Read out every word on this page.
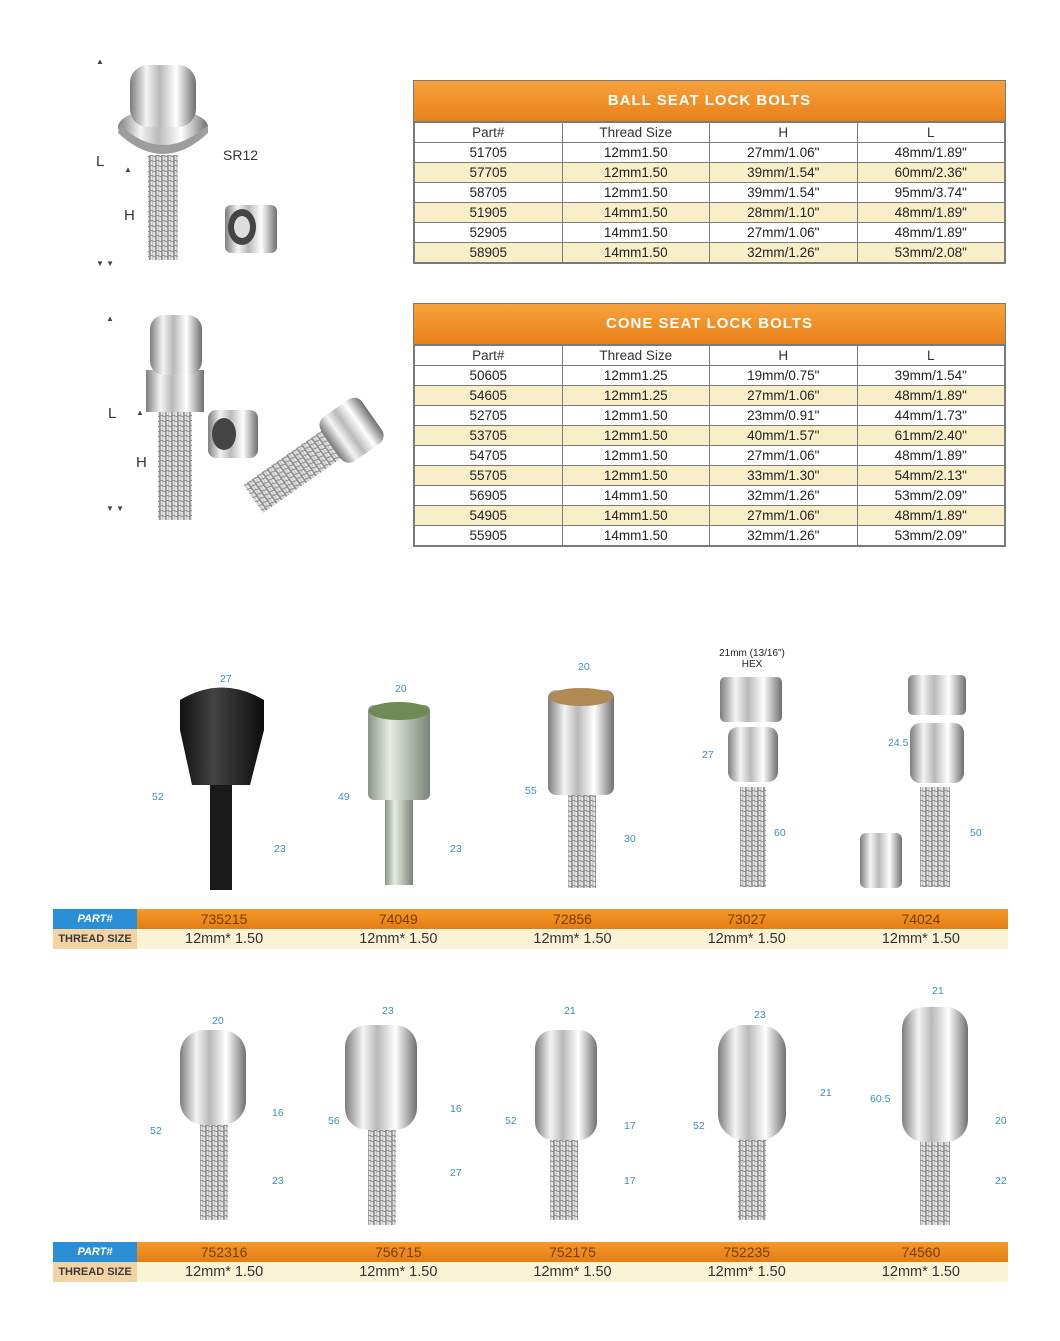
▲
▲
▼ ▼
L
H
SR12
BALL SEAT LOCK BOLTS
Part#	Thread Size	H	L
51705	12mm1.50	27mm/1.06"	48mm/1.89"
57705	12mm1.50	39mm/1.54"	60mm/2.36"
58705	12mm1.50	39mm/1.54"	95mm/3.74"
51905	14mm1.50	28mm/1.10"	48mm/1.89"
52905	14mm1.50	27mm/1.06"	48mm/1.89"
58905	14mm1.50	32mm/1.26"	53mm/2.08"
▲
▲
▼ ▼
L
H
CONE SEAT LOCK BOLTS
Part#	Thread Size	H	L
50605	12mm1.25	19mm/0.75"	39mm/1.54"
54605	12mm1.25	27mm/1.06"	48mm/1.89"
52705	12mm1.50	23mm/0.91"	44mm/1.73"
53705	12mm1.50	40mm/1.57"	61mm/2.40"
54705	12mm1.50	27mm/1.06"	48mm/1.89"
55705	12mm1.50	33mm/1.30"	54mm/2.13"
56905	14mm1.50	32mm/1.26"	53mm/2.09"
54905	14mm1.50	27mm/1.06"	48mm/1.89"
55905	14mm1.50	32mm/1.26"	53mm/2.09"
27
52
23
20
49
23
20
55
30
27
60
24.5
50
21mm (13/16")
HEX
PART#	735215	74049	72856	73027	74024
THREAD SIZE	12mm* 1.50	12mm* 1.50	12mm* 1.50	12mm* 1.50	12mm* 1.50
20
52
16
23
23
56
16
27
21
52	17
17
23
52
21
21
60.5
20
22
PART#	752316	756715	752175	752235	74560
THREAD SIZE	12mm* 1.50	12mm* 1.50	12mm* 1.50	12mm* 1.50	12mm* 1.50
